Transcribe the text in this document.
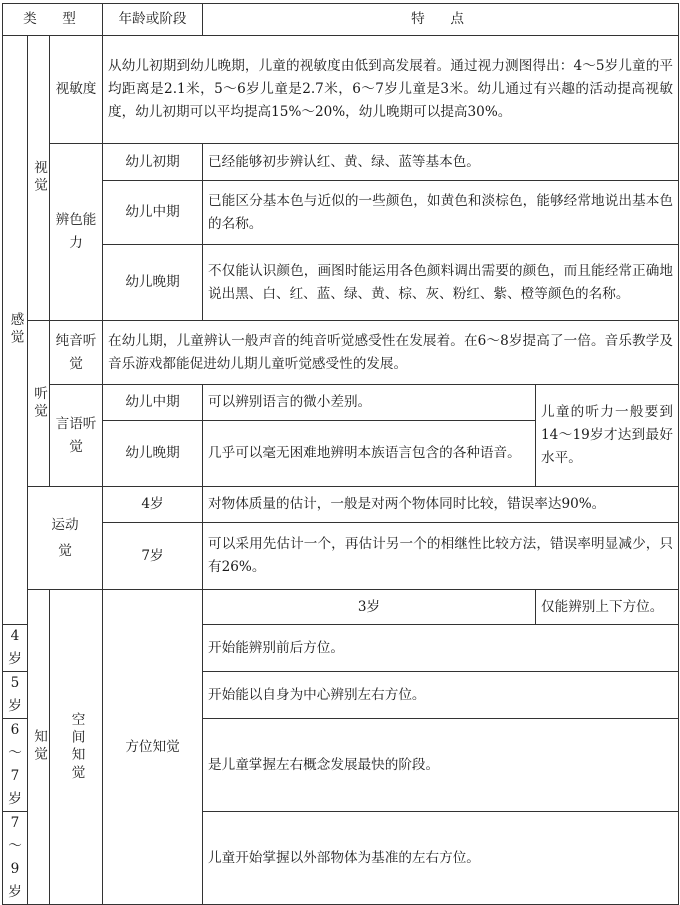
类　型			年龄或阶段	特　点	
感觉	视觉	视敏度	从幼儿初期到幼儿晚期，儿童的视敏度由低到高发展着。通过视力测图得出：4～5岁儿童的平均距离是2.1米，5～6岁儿童是2.7米，6～7岁儿童是3米。幼儿通过有兴趣的活动提高视敏度，幼儿初期可以平均提高15%～20%，幼儿晚期可以提高30%。		
		辨色能力	幼儿初期	已经能够初步辨认红、黄、绿、蓝等基本色。	
			幼儿中期	已能区分基本色与近似的一些颜色，如黄色和淡棕色，能够经常地说出基本色的名称。	
			幼儿晚期	不仅能认识颜色，画图时能运用各色颜料调出需要的颜色，而且能经常正确地说出黑、白、红、蓝、绿、黄、棕、灰、粉红、紫、橙等颜色的名称。	
	听觉	纯音听觉	在幼儿期，儿童辨认一般声音的纯音听觉感受性在发展着。在6～8岁提高了一倍。音乐教学及音乐游戏都能促进幼儿期儿童听觉感受性的发展。		
		言语听觉	幼儿中期	可以辨别语言的微小差别。	儿童的听力一般要到14～19岁才达到最好水平。
			幼儿晚期	几乎可以毫无困难地辨明本族语言包含的各种语音。	
	运动觉		4岁	对物体质量的估计，一般是对两个物体同时比较，错误率达90%。	
			7岁	可以采用先估计一个，再估计另一个的相继性比较方法，错误率明显减少，只有26%。	
	知觉	空间知觉	方位知觉	3岁	仅能辨别上下方位。
4岁				开始能辨别前后方位。	
5岁				开始能以自身为中心辨别左右方位。	
6～7岁				是儿童掌握左右概念发展最快的阶段。	
7～9岁				儿童开始掌握以外部物体为基准的左右方位。	
